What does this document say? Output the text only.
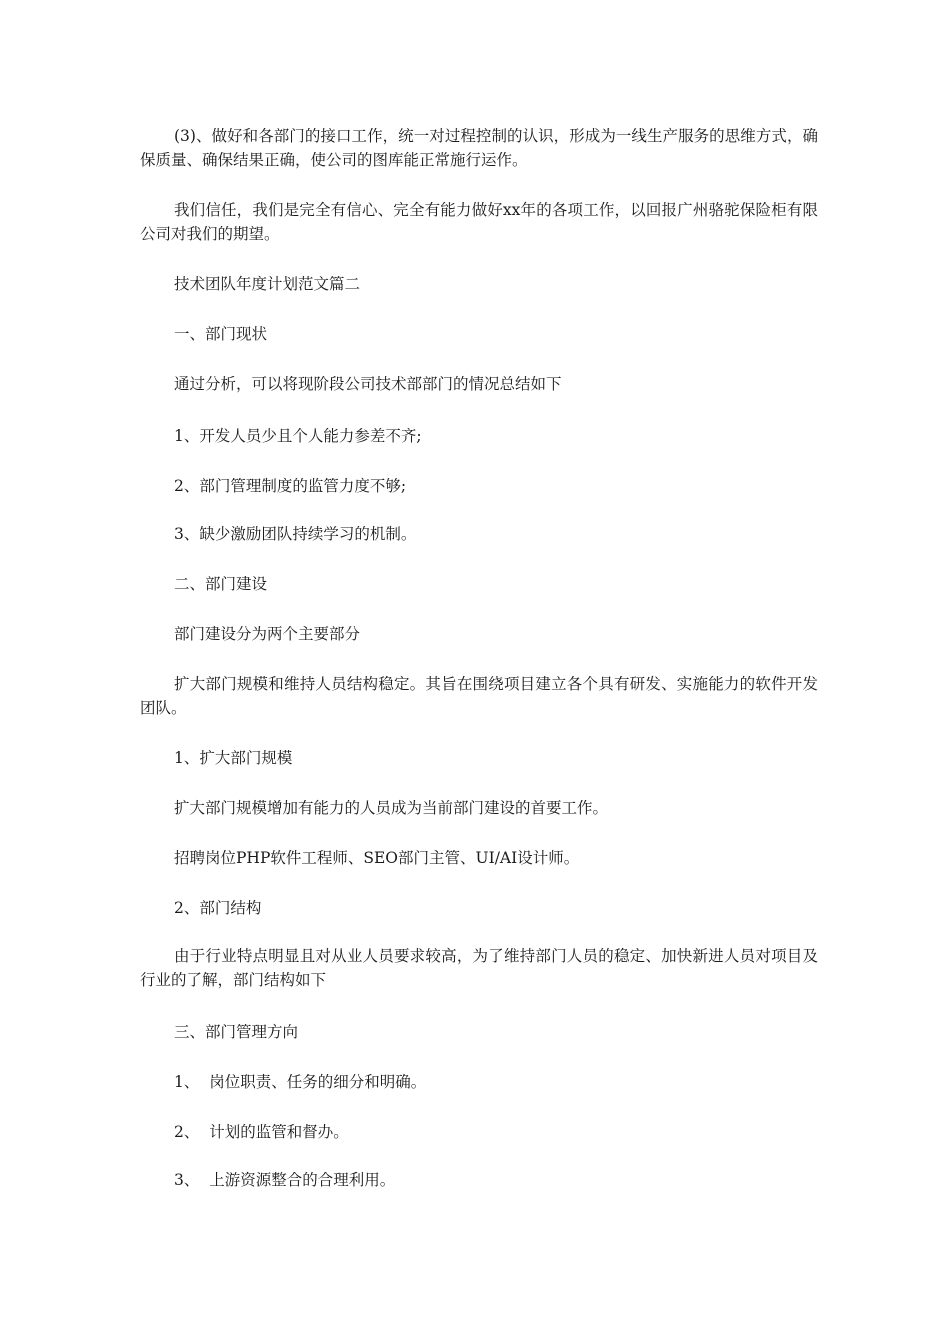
(3)、做好和各部门的接口工作，统一对过程控制的认识，形成为一线生产服务的思维方式，确保质量、确保结果正确，使公司的图库能正常施行运作。

我们信任，我们是完全有信心、完全有能力做好xx年的各项工作，以回报广州骆驼保险柜有限公司对我们的期望。

技术团队年度计划范文篇二

一、部门现状

通过分析，可以将现阶段公司技术部部门的情况总结如下

1、开发人员少且个人能力参差不齐;

2、部门管理制度的监管力度不够;

3、缺少激励团队持续学习的机制。

二、部门建设

部门建设分为两个主要部分

扩大部门规模和维持人员结构稳定。其旨在围绕项目建立各个具有研发、实施能力的软件开发团队。

1、扩大部门规模

扩大部门规模增加有能力的人员成为当前部门建设的首要工作。

招聘岗位PHP软件工程师、SEO部门主管、UI/AI设计师。

2、部门结构

由于行业特点明显且对从业人员要求较高，为了维持部门人员的稳定、加快新进人员对项目及行业的了解，部门结构如下

三、部门管理方向

1、  岗位职责、任务的细分和明确。

2、  计划的监管和督办。

3、  上游资源整合的合理利用。
